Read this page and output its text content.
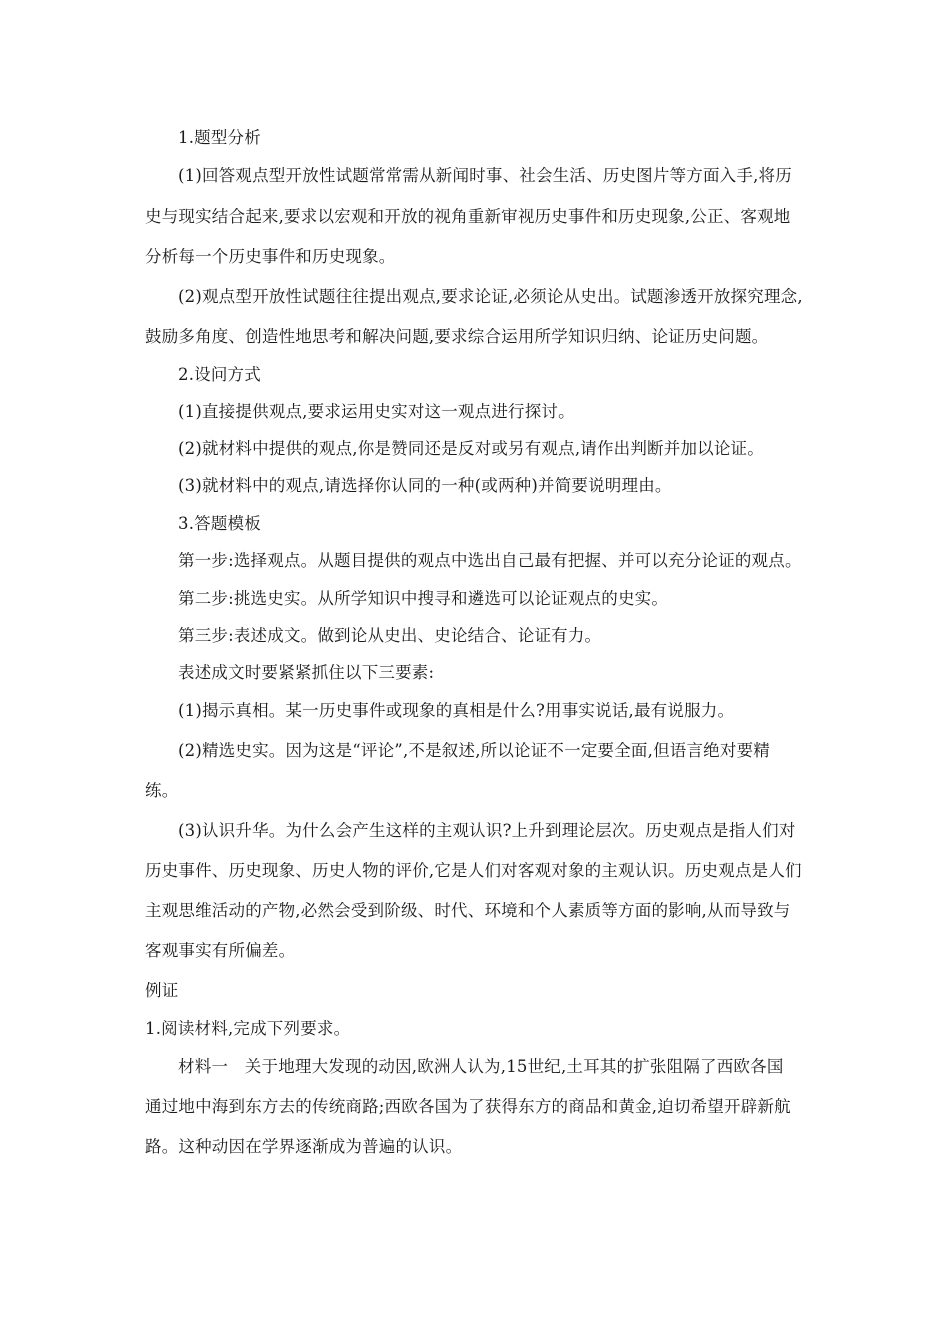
1.题型分析
(1)回答观点型开放性试题常常需从新闻时事、社会生活、历史图片等方面入手,将历
史与现实结合起来,要求以宏观和开放的视角重新审视历史事件和历史现象,公正、客观地
分析每一个历史事件和历史现象。
(2)观点型开放性试题往往提出观点,要求论证,必须论从史出。试题渗透开放探究理念,
鼓励多角度、创造性地思考和解决问题,要求综合运用所学知识归纳、论证历史问题。
2.设问方式
(1)直接提供观点,要求运用史实对这一观点进行探讨。
(2)就材料中提供的观点,你是赞同还是反对或另有观点,请作出判断并加以论证。
(3)就材料中的观点,请选择你认同的一种(或两种)并简要说明理由。
3.答题模板
第一步:选择观点。从题目提供的观点中选出自己最有把握、并可以充分论证的观点。
第二步:挑选史实。从所学知识中搜寻和遴选可以论证观点的史实。
第三步:表述成文。做到论从史出、史论结合、论证有力。
表述成文时要紧紧抓住以下三要素:
(1)揭示真相。某一历史事件或现象的真相是什么?用事实说话,最有说服力。
(2)精选史实。因为这是“评论”,不是叙述,所以论证不一定要全面,但语言绝对要精
练。
(3)认识升华。为什么会产生这样的主观认识?上升到理论层次。历史观点是指人们对
历史事件、历史现象、历史人物的评价,它是人们对客观对象的主观认识。历史观点是人们
主观思维活动的产物,必然会受到阶级、时代、环境和个人素质等方面的影响,从而导致与
客观事实有所偏差。
例证
1.阅读材料,完成下列要求。
材料一　关于地理大发现的动因,欧洲人认为,15世纪,土耳其的扩张阻隔了西欧各国
通过地中海到东方去的传统商路;西欧各国为了获得东方的商品和黄金,迫切希望开辟新航
路。这种动因在学界逐渐成为普遍的认识。
